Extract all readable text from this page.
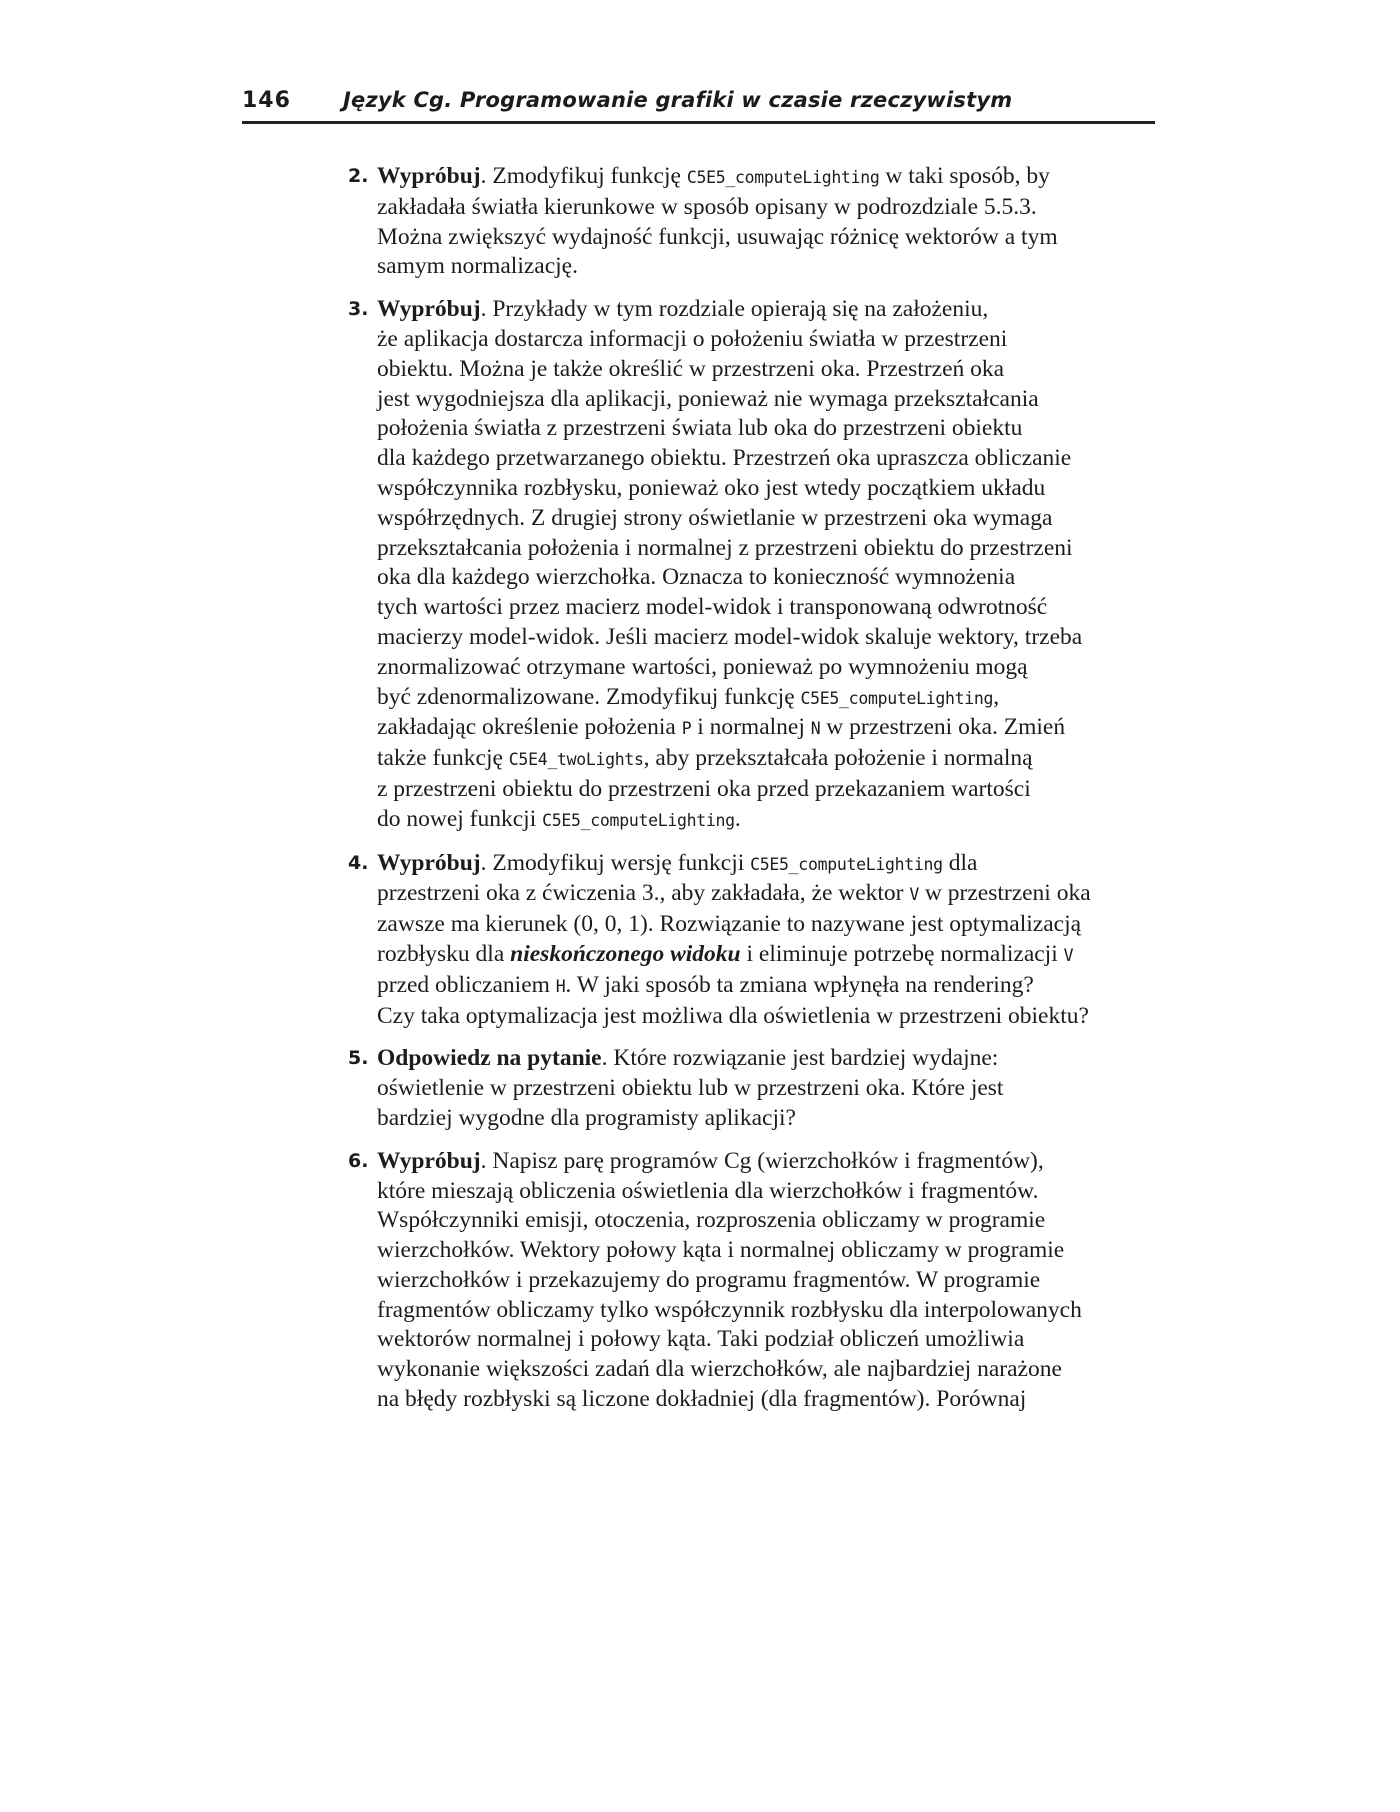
146 Język Cg. Programowanie grafiki w czasie rzeczywistym
2. Wypróbuj. Zmodyfikuj funkcję C5E5_computeLighting w taki sposób, by
zakładała światła kierunkowe w sposób opisany w podrozdziale 5.5.3.
Można zwiększyć wydajność funkcji, usuwając różnicę wektorów a tym
samym normalizację.
3. Wypróbuj. Przykłady w tym rozdziale opierają się na założeniu,
że aplikacja dostarcza informacji o położeniu światła w przestrzeni
obiektu. Można je także określić w przestrzeni oka. Przestrzeń oka
jest wygodniejsza dla aplikacji, ponieważ nie wymaga przekształcania
położenia światła z przestrzeni świata lub oka do przestrzeni obiektu
dla każdego przetwarzanego obiektu. Przestrzeń oka upraszcza obliczanie
współczynnika rozbłysku, ponieważ oko jest wtedy początkiem układu
współrzędnych. Z drugiej strony oświetlanie w przestrzeni oka wymaga
przekształcania położenia i normalnej z przestrzeni obiektu do przestrzeni
oka dla każdego wierzchołka. Oznacza to konieczność wymnożenia
tych wartości przez macierz model-widok i transponowaną odwrotność
macierzy model-widok. Jeśli macierz model-widok skaluje wektory, trzeba
znormalizować otrzymane wartości, ponieważ po wymnożeniu mogą
być zdenormalizowane. Zmodyfikuj funkcję C5E5_computeLighting,
zakładając określenie położenia P i normalnej N w przestrzeni oka. Zmień
także funkcję C5E4_twoLights, aby przekształcała położenie i normalną
z przestrzeni obiektu do przestrzeni oka przed przekazaniem wartości
do nowej funkcji C5E5_computeLighting.
4. Wypróbuj. Zmodyfikuj wersję funkcji C5E5_computeLighting dla
przestrzeni oka z ćwiczenia 3., aby zakładała, że wektor V w przestrzeni oka
zawsze ma kierunek (0, 0, 1). Rozwiązanie to nazywane jest optymalizacją
rozbłysku dla nieskończonego widoku i eliminuje potrzebę normalizacji V
przed obliczaniem H. W jaki sposób ta zmiana wpłynęła na rendering?
Czy taka optymalizacja jest możliwa dla oświetlenia w przestrzeni obiektu?
5. Odpowiedz na pytanie. Które rozwiązanie jest bardziej wydajne:
oświetlenie w przestrzeni obiektu lub w przestrzeni oka. Które jest
bardziej wygodne dla programisty aplikacji?
6. Wypróbuj. Napisz parę programów Cg (wierzchołków i fragmentów),
które mieszają obliczenia oświetlenia dla wierzchołków i fragmentów.
Współczynniki emisji, otoczenia, rozproszenia obliczamy w programie
wierzchołków. Wektory połowy kąta i normalnej obliczamy w programie
wierzchołków i przekazujemy do programu fragmentów. W programie
fragmentów obliczamy tylko współczynnik rozbłysku dla interpolowanych
wektorów normalnej i połowy kąta. Taki podział obliczeń umożliwia
wykonanie większości zadań dla wierzchołków, ale najbardziej narażone
na błędy rozbłyski są liczone dokładniej (dla fragmentów). Porównaj
